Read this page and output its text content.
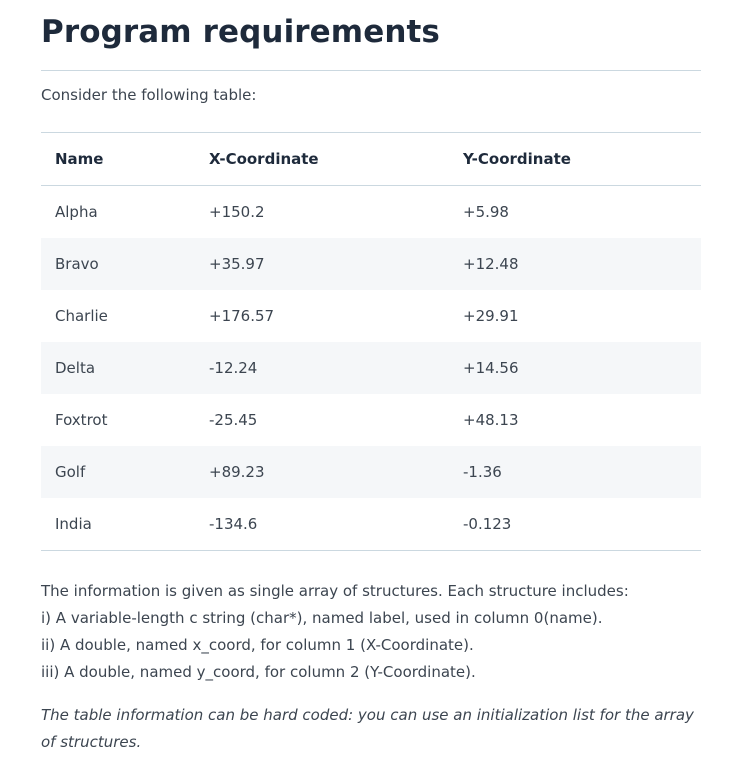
Program requirements
Consider the following table:
Name	X-Coordinate	Y-Coordinate
Alpha	+150.2	+5.98
Bravo	+35.97	+12.48
Charlie	+176.57	+29.91
Delta	-12.24	+14.56
Foxtrot	-25.45	+48.13
Golf	+89.23	-1.36
India	-134.6	-0.123

The information is given as single array of structures. Each structure includes:

i) A variable-length c string (char*), named label, used in column 0(name).

ii) A double, named x_coord, for column 1 (X-Coordinate).

iii) A double, named y_coord, for column 2 (Y-Coordinate).

The table information can be hard coded: you can use an initialization list for the array of structures.
